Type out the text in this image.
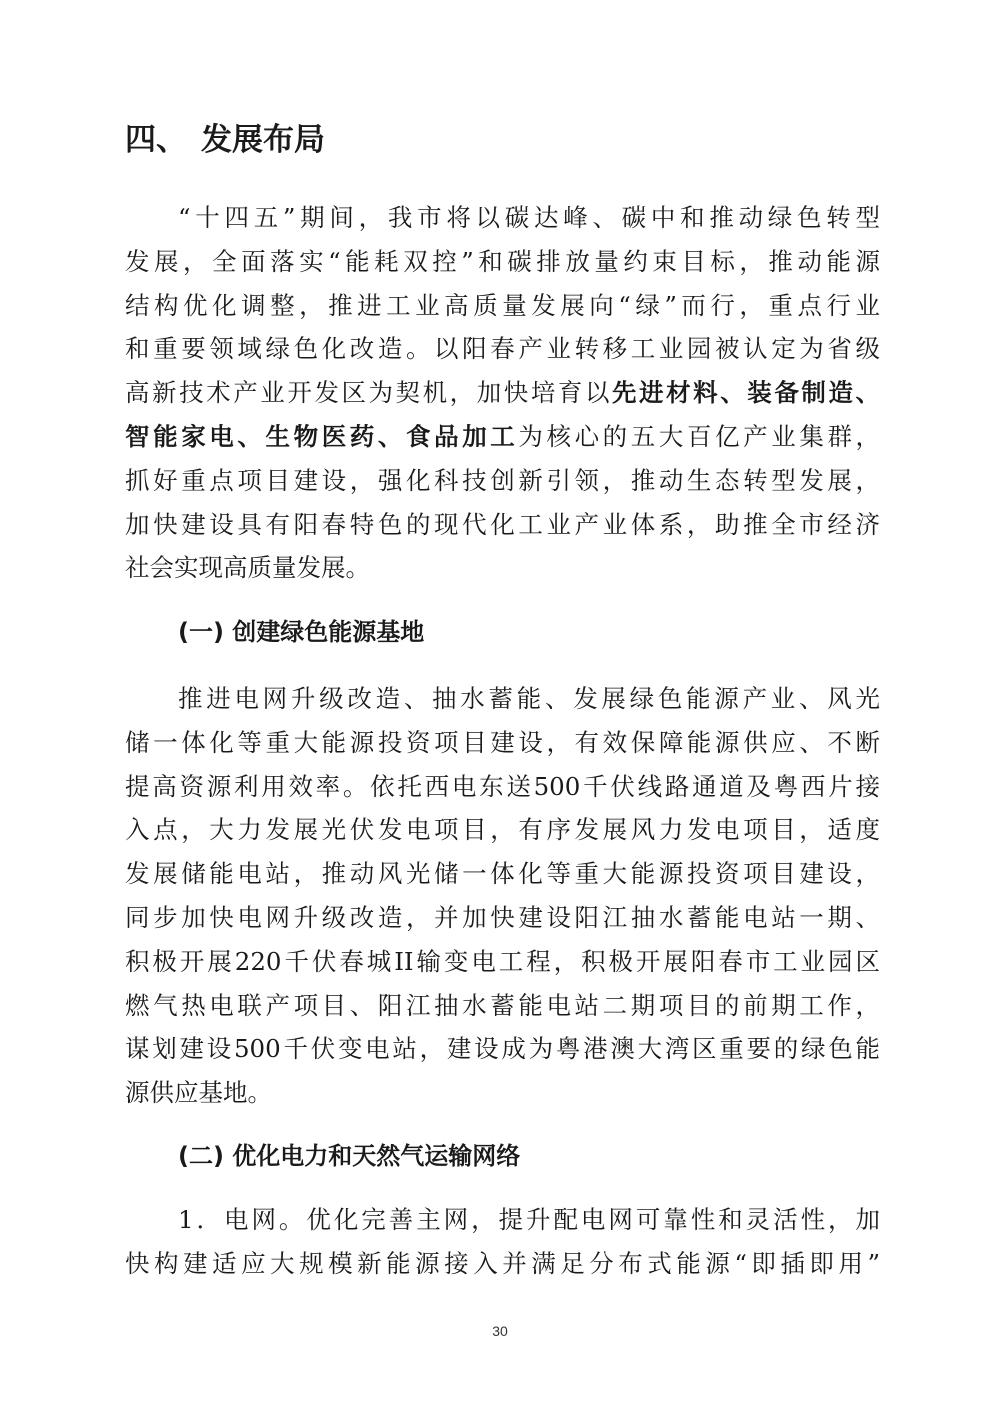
四、 发展布局
“十四五”期间，我市将以碳达峰、碳中和推动绿色转型
发展，全面落实“能耗双控”和碳排放量约束目标，推动能源
结构优化调整，推进工业高质量发展向“绿”而行，重点行业
和重要领域绿色化改造。以阳春产业转移工业园被认定为省级
高新技术产业开发区为契机，加快培育以先进材料、装备制造、
智能家电、生物医药、食品加工为核心的五大百亿产业集群，
抓好重点项目建设，强化科技创新引领，推动生态转型发展，
加快建设具有阳春特色的现代化工业产业体系，助推全市经济
社会实现高质量发展。
(一) 创建绿色能源基地
推进电网升级改造、抽水蓄能、发展绿色能源产业、风光
储一体化等重大能源投资项目建设，有效保障能源供应、不断
提高资源利用效率。依托西电东送500千伏线路通道及粤西片接
入点，大力发展光伏发电项目，有序发展风力发电项目，适度
发展储能电站，推动风光储一体化等重大能源投资项目建设，
同步加快电网升级改造，并加快建设阳江抽水蓄能电站一期、
积极开展220千伏春城II输变电工程，积极开展阳春市工业园区
燃气热电联产项目、阳江抽水蓄能电站二期项目的前期工作，
谋划建设500千伏变电站，建设成为粤港澳大湾区重要的绿色能
源供应基地。
(二) 优化电力和天然气运输网络
1．电网。优化完善主网，提升配电网可靠性和灵活性，加
快构建适应大规模新能源接入并满足分布式能源“即插即用”
30
